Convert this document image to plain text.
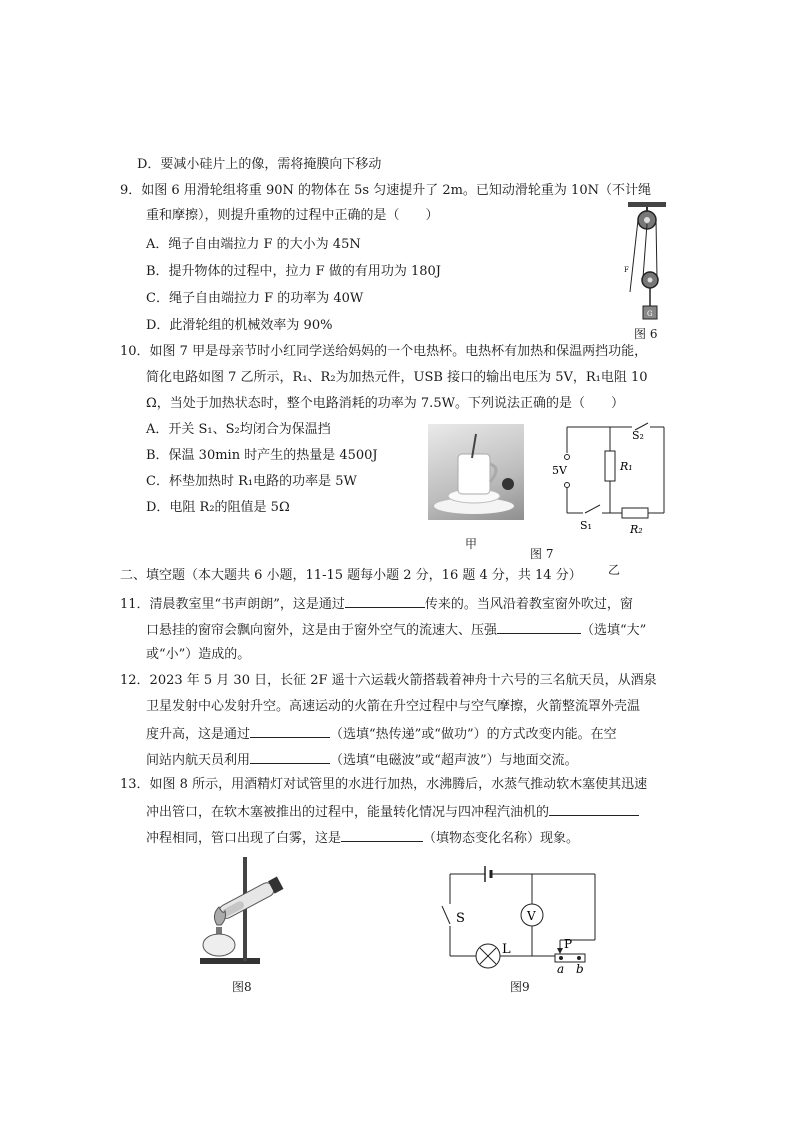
D．要减小硅片上的像，需将掩膜向下移动
9．如图 6 用滑轮组将重 90N 的物体在 5s 匀速提升了 2m。已知动滑轮重为 10N（不计绳
重和摩擦），则提升重物的过程中正确的是（　　）
A．绳子自由端拉力 F 的大小为 45N
B．提升物体的过程中，拉力 F 做的有用功为 180J
C．绳子自由端拉力 F 的功率为 40W
D．此滑轮组的机械效率为 90%
F
G
图 6
10．如图 7 甲是母亲节时小红同学送给妈妈的一个电热杯。电热杯有加热和保温两挡功能，
简化电路如图 7 乙所示，R₁、R₂为加热元件，USB 接口的输出电压为 5V，R₁电阻 10
Ω，当处于加热状态时，整个电路消耗的功率为 7.5W。下列说法正确的是（　　）
A．开关 S₁、S₂均闭合为保温挡
B．保温 30min 时产生的热量是 4500J
C．杯垫加热时 R₁电路的功率是 5W
D．电阻 R₂的阻值是 5Ω
甲
5V
S₂
R₁
S₁	R₂
图 7
乙
二、填空题（本大题共 6 小题，11-15 题每小题 2 分，16 题 4 分，共 14 分）
11．清晨教室里“书声朗朗”，这是通过	传来的。当风沿着教室窗外吹过，窗
口悬挂的窗帘会飘向窗外，这是由于窗外空气的流速大、压强	（选填“大”
或“小”）造成的。
12．2023 年 5 月 30 日，长征 2F 遥十六运载火箭搭载着神舟十六号的三名航天员，从酒泉
卫星发射中心发射升空。高速运动的火箭在升空过程中与空气摩擦，火箭整流罩外壳温
度升高，这是通过	（选填“热传递”或“做功”）的方式改变内能。在空
间站内航天员利用	（选填“电磁波”或“超声波”）与地面交流。
13．如图 8 所示，用酒精灯对试管里的水进行加热，水沸腾后，水蒸气推动软木塞使其迅速
冲出管口，在软木塞被推出的过程中，能量转化情况与四冲程汽油机的
冲程相同，管口出现了白雾，这是	（填物态变化名称）现象。
图8
V
S
L	P
a b
图9
